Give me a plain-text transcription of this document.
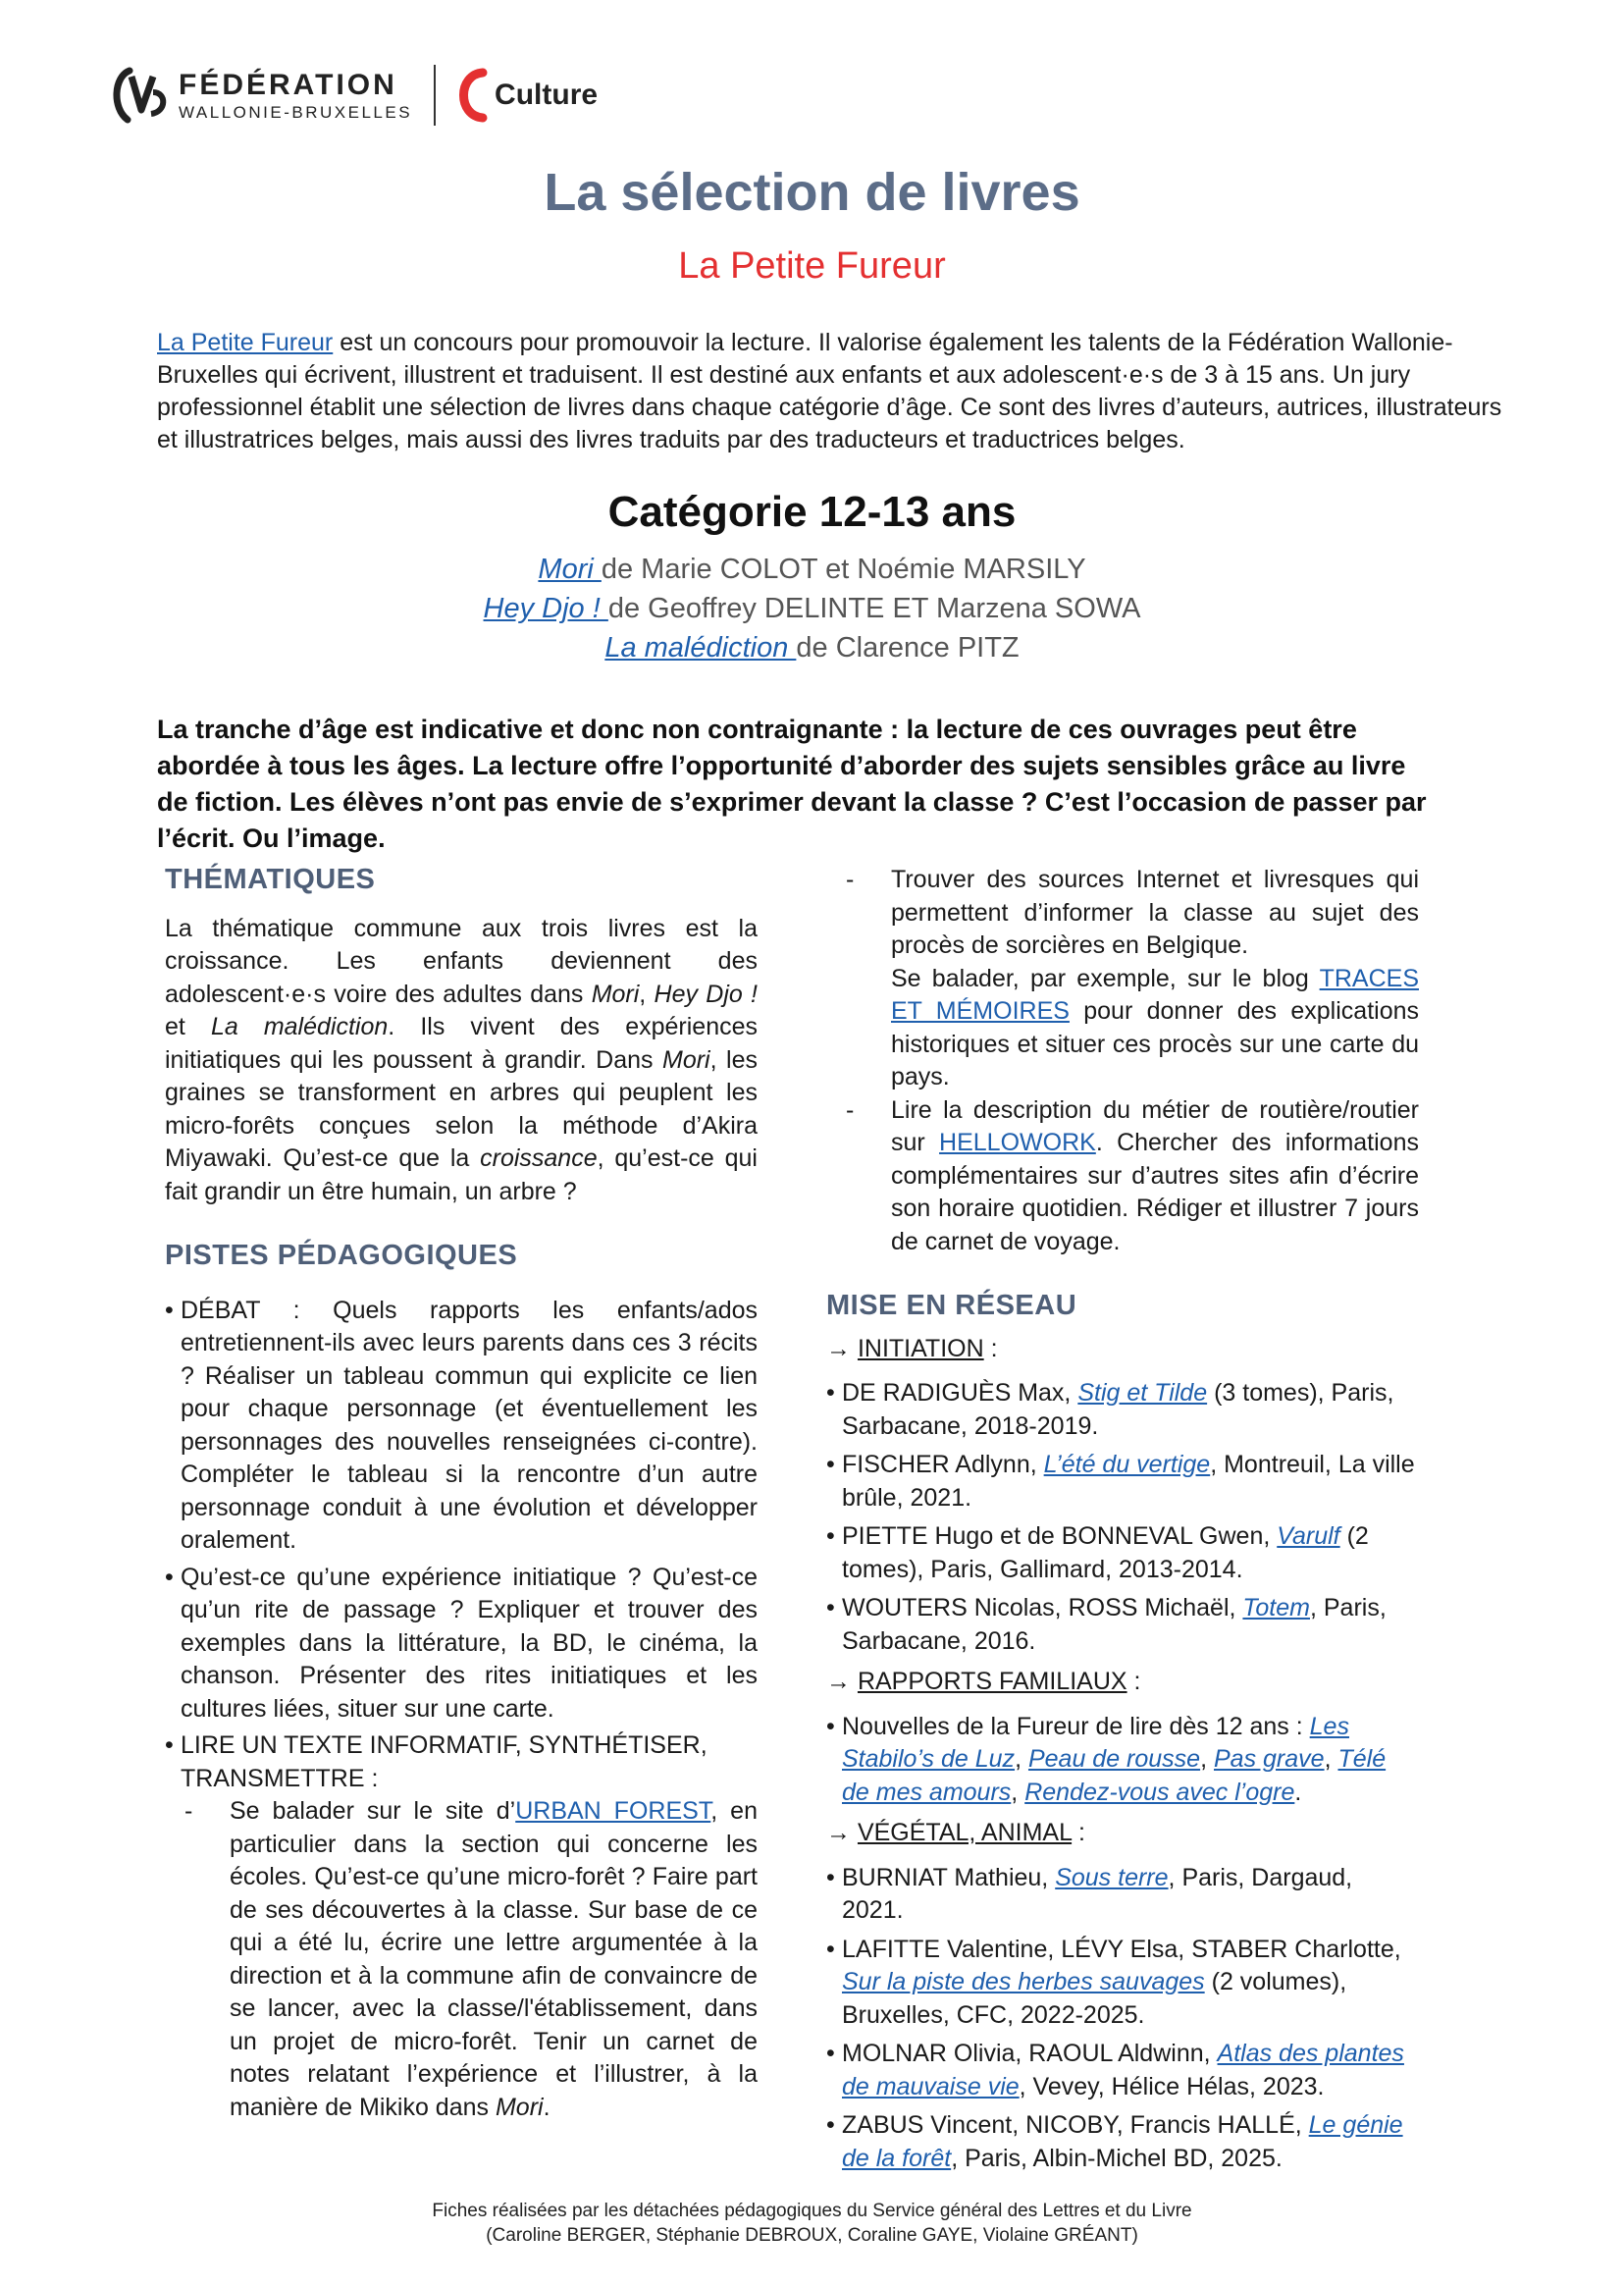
FÉDÉRATION
WALLONIE-BRUXELLES
Culture
La sélection de livres
La Petite Fureur
La Petite Fureur est un concours pour promouvoir la lecture. Il valorise également les talents de la Fédération Wallonie-Bruxelles qui écrivent, illustrent et traduisent. Il est destiné aux enfants et aux adolescent·e·s de 3 à 15 ans. Un jury professionnel établit une sélection de livres dans chaque catégorie d’âge. Ce sont des livres d’auteurs, autrices, illustrateurs et illustratrices belges, mais aussi des livres traduits par des traducteurs et traductrices belges.
Catégorie 12-13 ans
Mori de Marie COLOT et Noémie MARSILY
Hey Djo ! de Geoffrey DELINTE ET Marzena SOWA
La malédiction de Clarence PITZ
La tranche d’âge est indicative et donc non contraignante : la lecture de ces ouvrages peut être abordée à tous les âges. La lecture offre l’opportunité d’aborder des sujets sensibles grâce au livre de fiction. Les élèves n’ont pas envie de s’exprimer devant la classe ? C’est l’occasion de passer par l’écrit. Ou l’image.
THÉMATIQUES
La thématique commune aux trois livres est la croissance. Les enfants deviennent des adolescent·e·s voire des adultes dans Mori, Hey Djo ! et La malédiction. Ils vivent des expériences initiatiques qui les poussent à grandir. Dans Mori, les graines se transforment en arbres qui peuplent les micro-forêts conçues selon la méthode d’Akira Miyawaki. Qu’est-ce que la croissance, qu’est-ce qui fait grandir un être humain, un arbre ?
PISTES PÉDAGOGIQUES
• DÉBAT : Quels rapports les enfants/ados entretiennent-ils avec leurs parents dans ces 3 récits ? Réaliser un tableau commun qui explicite ce lien pour chaque personnage (et éventuellement les personnages des nouvelles renseignées ci-contre). Compléter le tableau si la rencontre d’un autre personnage conduit à une évolution et développer oralement.
• Qu’est-ce qu’une expérience initiatique ? Qu’est-ce qu’un rite de passage ? Expliquer et trouver des exemples dans la littérature, la BD, le cinéma, la chanson. Présenter des rites initiatiques et les cultures liées, situer sur une carte.
• LIRE UN TEXTE INFORMATIF, SYNTHÉTISER, TRANSMETTRE :
- Se balader sur le site d’URBAN FOREST, en particulier dans la section qui concerne les écoles. Qu’est-ce qu’une micro-forêt ? Faire part de ses découvertes à la classe. Sur base de ce qui a été lu, écrire une lettre argumentée à la direction et à la commune afin de convaincre de se lancer, avec la classe/l'établissement, dans un projet de micro-forêt. Tenir un carnet de notes relatant l’expérience et l’illustrer, à la manière de Mikiko dans Mori.
- Trouver des sources Internet et livresques qui permettent d’informer la classe au sujet des procès de sorcières en Belgique.
Se balader, par exemple, sur le blog TRACES ET MÉMOIRES pour donner des explications historiques et situer ces procès sur une carte du pays.
- Lire la description du métier de routière/routier sur HELLOWORK. Chercher des informations complémentaires sur d’autres sites afin d’écrire son horaire quotidien. Rédiger et illustrer 7 jours de carnet de voyage.
MISE EN RÉSEAU
→ INITIATION :
• DE RADIGUÈS Max, Stig et Tilde (3 tomes), Paris, Sarbacane, 2018-2019.
• FISCHER Adlynn, L’été du vertige, Montreuil, La ville brûle, 2021.
• PIETTE Hugo et de BONNEVAL Gwen, Varulf (2 tomes), Paris, Gallimard, 2013-2014.
• WOUTERS Nicolas, ROSS Michaël, Totem, Paris, Sarbacane, 2016.
→ RAPPORTS FAMILIAUX :
• Nouvelles de la Fureur de lire dès 12 ans : Les Stabilo’s de Luz, Peau de rousse, Pas grave, Télé de mes amours, Rendez-vous avec l’ogre.
→ VÉGÉTAL, ANIMAL :
• BURNIAT Mathieu, Sous terre, Paris, Dargaud, 2021.
• LAFITTE Valentine, LÉVY Elsa, STABER Charlotte, Sur la piste des herbes sauvages (2 volumes), Bruxelles, CFC, 2022-2025.
• MOLNAR Olivia, RAOUL Aldwinn, Atlas des plantes de mauvaise vie, Vevey, Hélice Hélas, 2023.
• ZABUS Vincent, NICOBY, Francis HALLÉ, Le génie de la forêt, Paris, Albin-Michel BD, 2025.
Fiches réalisées par les détachées pédagogiques du Service général des Lettres et du Livre
(Caroline BERGER, Stéphanie DEBROUX, Coraline GAYE, Violaine GRÉANT)
